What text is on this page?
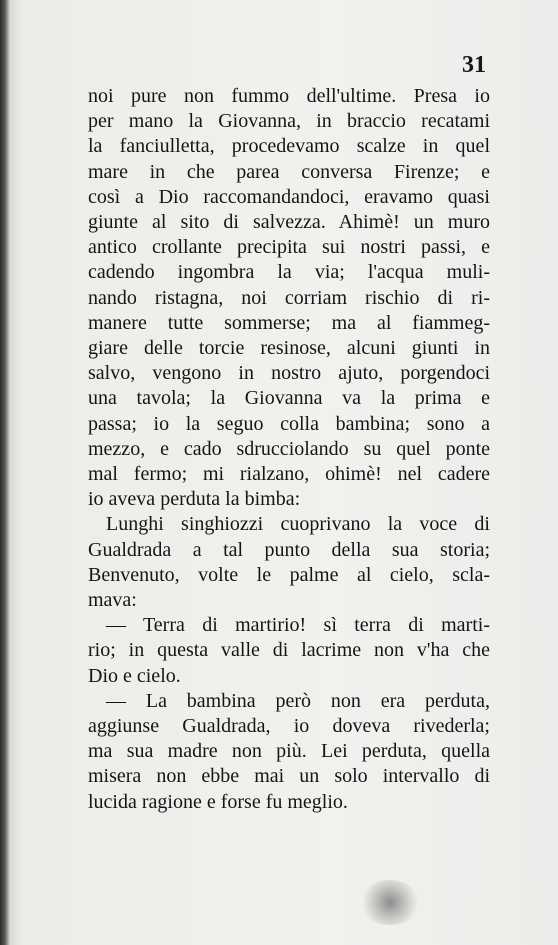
31
noi pure non fummo dell'ultime. Presa io
per mano la Giovanna, in braccio recatami
la fanciulletta, procedevamo scalze in quel
mare in che parea conversa Firenze; e
così a Dio raccomandandoci, eravamo quasi
giunte al sito di salvezza. Ahimè! un muro
antico crollante precipita sui nostri passi, e
cadendo ingombra la via; l'acqua muli-
nando ristagna, noi corriam rischio di ri-
manere tutte sommerse; ma al fiammeg-
giare delle torcie resinose, alcuni giunti in
salvo, vengono in nostro ajuto, porgendoci
una tavola; la Giovanna va la prima e
passa; io la seguo colla bambina; sono a
mezzo, e cado sdrucciolando su quel ponte
mal fermo; mi rialzano, ohimè! nel cadere
io aveva perduta la bimba:
Lunghi singhiozzi cuoprivano la voce di
Gualdrada a tal punto della sua storia;
Benvenuto, volte le palme al cielo, scla-
mava:
— Terra di martirio! sì terra di marti-
rio; in questa valle di lacrime non v'ha che
Dio e cielo.
— La bambina però non era perduta,
aggiunse Gualdrada, io doveva rivederla;
ma sua madre non più. Lei perduta, quella
misera non ebbe mai un solo intervallo di
lucida ragione e forse fu meglio.
